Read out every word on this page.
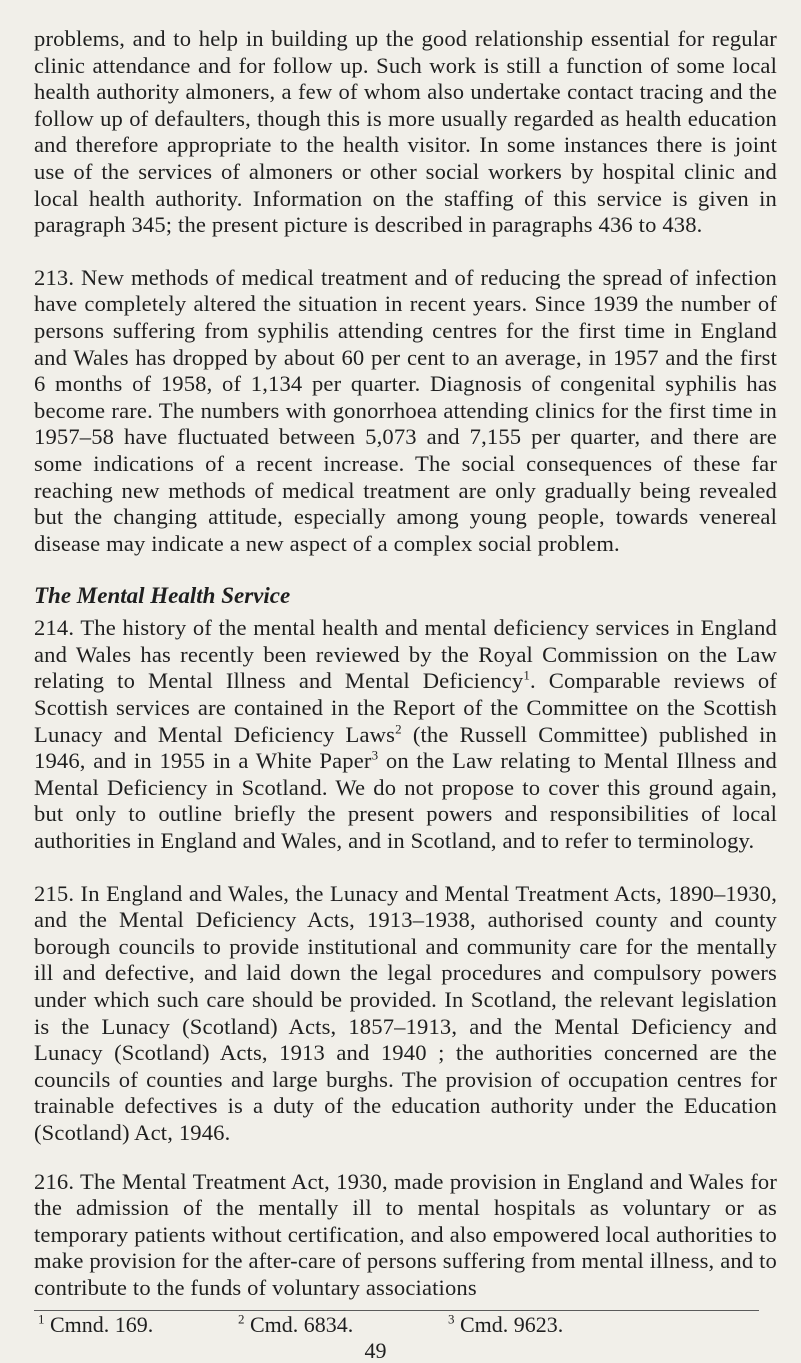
problems, and to help in building up the good relationship essential for regular clinic attendance and for follow up. Such work is still a function of some local health authority almoners, a few of whom also undertake contact tracing and the follow up of defaulters, though this is more usually regarded as health education and therefore appropriate to the health visitor. In some instances there is joint use of the services of almoners or other social workers by hospital clinic and local health authority. Information on the staffing of this service is given in paragraph 345; the present picture is described in paragraphs 436 to 438.

213. New methods of medical treatment and of reducing the spread of infection have completely altered the situation in recent years. Since 1939 the number of persons suffering from syphilis attending centres for the first time in England and Wales has dropped by about 60 per cent to an average, in 1957 and the first 6 months of 1958, of 1,134 per quarter. Diagnosis of congenital syphilis has become rare. The numbers with gonorrhoea attending clinics for the first time in 1957–58 have fluctuated between 5,073 and 7,155 per quarter, and there are some indications of a recent increase. The social consequences of these far reaching new methods of medical treatment are only gradually being revealed but the changing attitude, especially among young people, towards venereal disease may indicate a new aspect of a complex social problem.

The Mental Health Service

214. The history of the mental health and mental deficiency services in England and Wales has recently been reviewed by the Royal Commission on the Law relating to Mental Illness and Mental Deficiency$^1$. Comparable reviews of Scottish services are contained in the Report of the Committee on the Scottish Lunacy and Mental Deficiency Laws$^2$ (the Russell Committee) published in 1946, and in 1955 in a White Paper$^3$ on the Law relating to Mental Illness and Mental Deficiency in Scotland. We do not propose to cover this ground again, but only to outline briefly the present powers and responsibilities of local authorities in England and Wales, and in Scotland, and to refer to terminology.

215. In England and Wales, the Lunacy and Mental Treatment Acts, 1890–1930, and the Mental Deficiency Acts, 1913–1938, authorised county and county borough councils to provide institutional and community care for the mentally ill and defective, and laid down the legal procedures and compulsory powers under which such care should be provided. In Scotland, the relevant legislation is the Lunacy (Scotland) Acts, 1857–1913, and the Mental Deficiency and Lunacy (Scotland) Acts, 1913 and 1940 ; the authorities concerned are the councils of counties and large burghs. The provision of occupation centres for trainable defectives is a duty of the education authority under the Education (Scotland) Act, 1946.

216. The Mental Treatment Act, 1930, made provision in England and Wales for the admission of the mentally ill to mental hospitals as voluntary or as temporary patients without certification, and also empowered local authorities to make provision for the after-care of persons suffering from mental illness, and to contribute to the funds of voluntary associations

$^1$ Cmnd. 169.	$^2$ Cmd. 6834.	$^3$ Cmd. 9623.
49
